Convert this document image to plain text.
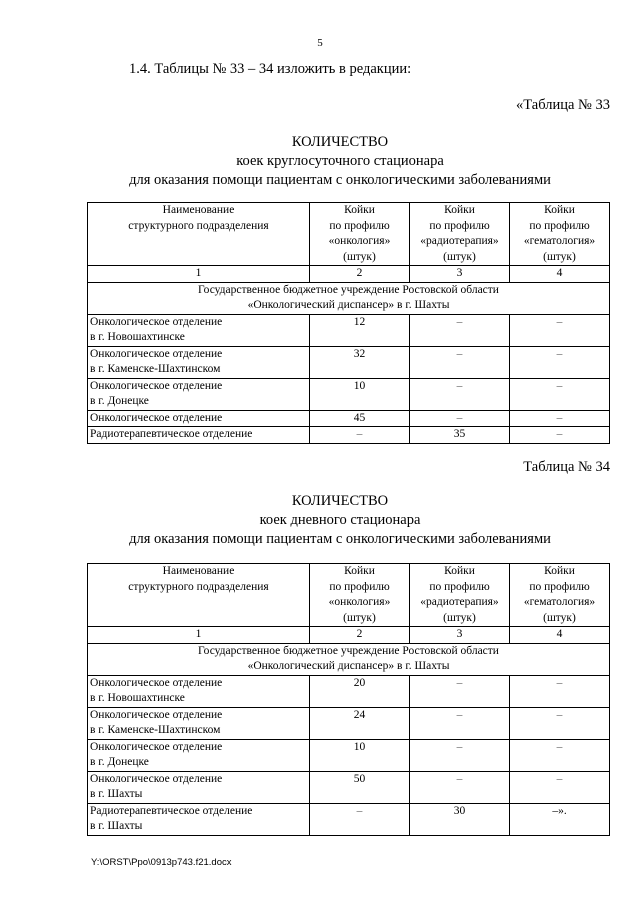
5
1.4. Таблицы № 33 – 34 изложить в редакции:
«Таблица № 33
КОЛИЧЕСТВО
коек круглосуточного стационара
для оказания помощи пациентам с онкологическими заболеваниями
Наименование
структурного подразделения	Койки
по профилю
«онкология»
(штук)	Койки
по профилю
«радиотерапия»
(штук)	Койки
по профилю
«гематология»
(штук)

1	2	3	4

Государственное бюджетное учреждение Ростовской области
«Онкологический диспансер» в г. Шахты			

Онкологическое отделение
в г. Новошахтинске	12	–	–

Онкологическое отделение
в г. Каменске-Шахтинском	32	–	–

Онкологическое отделение
в г. Донецке	10	–	–

Онкологическое отделение	45	–	–

Радиотерапевтическое отделение	–	35	–
Таблица № 34
КОЛИЧЕСТВО
коек дневного стационара
для оказания помощи пациентам с онкологическими заболеваниями
Наименование
структурного подразделения	Койки
по профилю
«онкология»
(штук)	Койки
по профилю
«радиотерапия»
(штук)	Койки
по профилю
«гематология»
(штук)

1	2	3	4

Государственное бюджетное учреждение Ростовской области
«Онкологический диспансер» в г. Шахты			

Онкологическое отделение
в г. Новошахтинске	20	–	–

Онкологическое отделение
в г. Каменске-Шахтинском	24	–	–

Онкологическое отделение
в г. Донецке	10	–	–

Онкологическое отделение
в г. Шахты	50	–	–

Радиотерапевтическое отделение
в г. Шахты	–	30	–».
Y:\ORST\Ppo\0913p743.f21.docx
